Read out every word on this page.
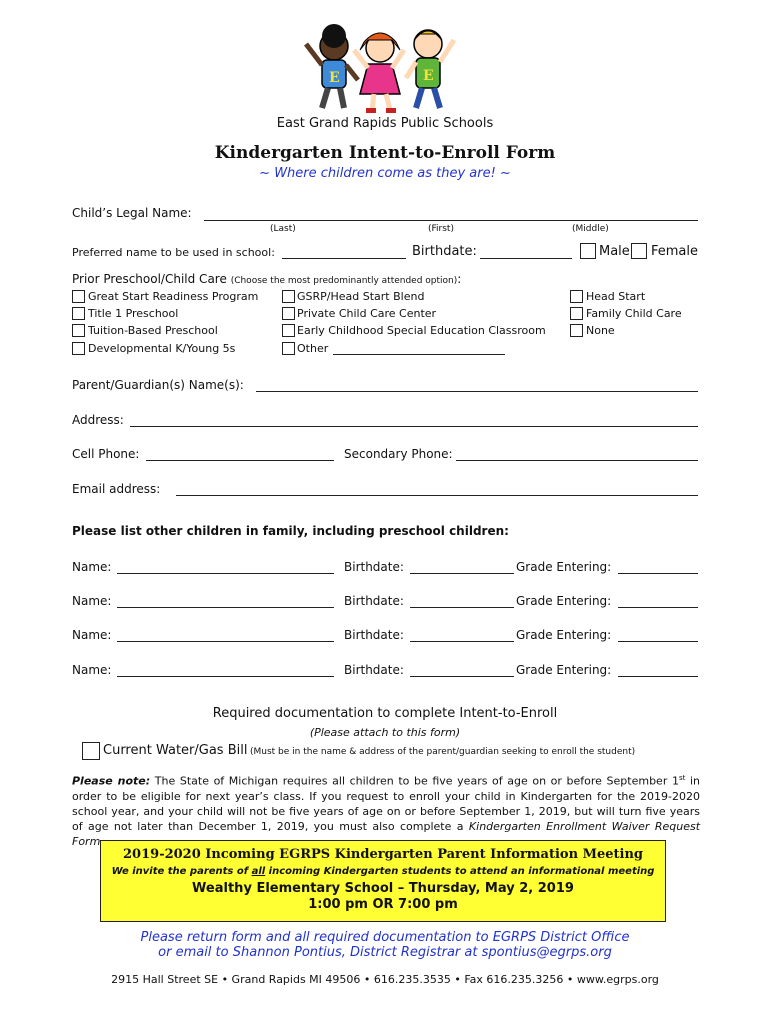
E	E
East Grand Rapids Public Schools
Kindergarten Intent-to-Enroll Form
~ Where children come as they are! ~
Child’s Legal Name:
(Last)	(First)	(Middle)
Preferred name to be used in school:	Birthdate:	Male Female
Prior Preschool/Child Care (Choose the most predominantly attended option):
Great Start Readiness Program
Title 1 Preschool
Tuition-Based Preschool
Developmental K/Young 5s
GSRP/Head Start Blend
Private Child Care Center
Early Childhood Special Education Classroom
Other
Head Start
Family Child Care
None
Parent/Guardian(s) Name(s):
Address:
Cell Phone:	Secondary Phone:
Email address:
Please list other children in family, including preschool children:
Name:	Birthdate:	Grade Entering:
Name:	Birthdate:	Grade Entering:
Name:	Birthdate:	Grade Entering:
Name:	Birthdate:	Grade Entering:
Required documentation to complete Intent-to-Enroll
(Please attach to this form)
Current Water/Gas Bill (Must be in the name & address of the parent/guardian seeking to enroll the student)
Please note: The State of Michigan requires all children to be five years of age on or before September 1st in order to be eligible for next year’s class. If you request to enroll your child in Kindergarten for the 2019-2020 school year, and your child will not be five years of age on or before September 1, 2019, but will turn five years of age not later than December 1, 2019, you must also complete a Kindergarten Enrollment Waiver Request Form
2019-2020 Incoming EGRPS Kindergarten Parent Information Meeting
We invite the parents of all incoming Kindergarten students to attend an informational meeting
Wealthy Elementary School – Thursday, May 2, 2019
1:00 pm OR 7:00 pm
Please return form and all required documentation to EGRPS District Office
or email to Shannon Pontius, District Registrar at spontius@egrps.org
2915 Hall Street SE • Grand Rapids MI 49506 • 616.235.3535 • Fax 616.235.3256 • www.egrps.org
